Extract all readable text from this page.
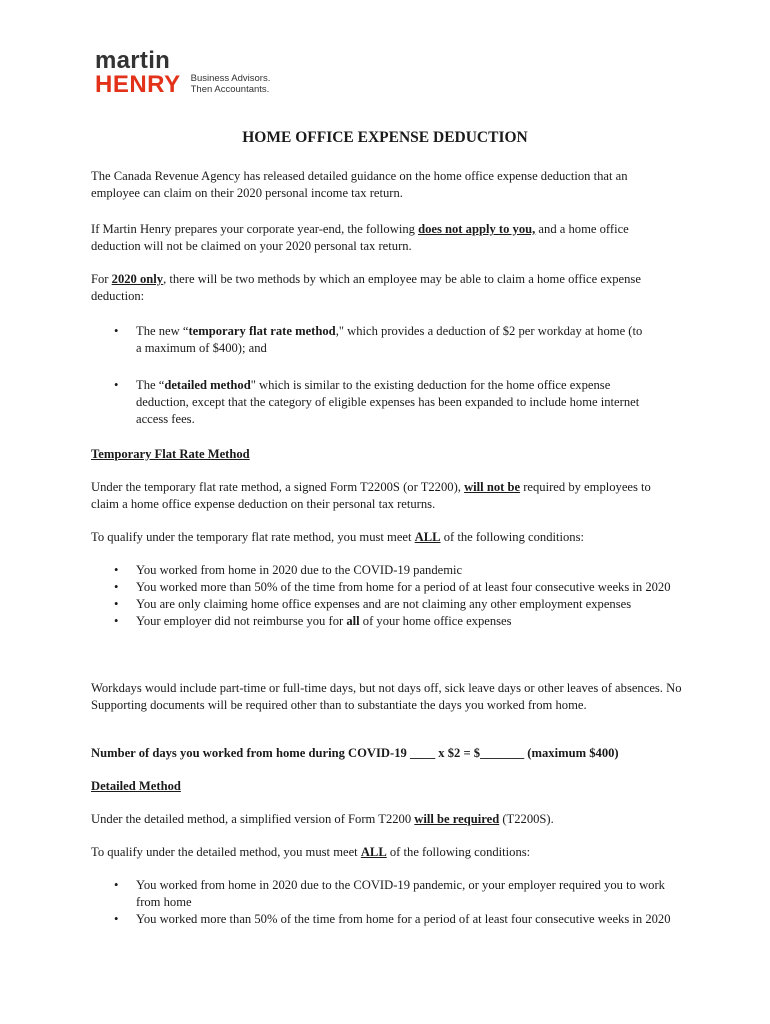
martin
HENRY Business Advisors.
Then Accountants.
HOME OFFICE EXPENSE DEDUCTION

The Canada Revenue Agency has released detailed guidance on the home office expense deduction that an employee can claim on their 2020 personal income tax return.

If Martin Henry prepares your corporate year-end, the following does not apply to you, and a home office deduction will not be claimed on your 2020 personal tax return.

For 2020 only, there will be two methods by which an employee may be able to claim a home office expense deduction:

• The new “temporary flat rate method," which provides a deduction of $2 per workday at home (to a maximum of $400); and
• The “detailed method" which is similar to the existing deduction for the home office expense deduction, except that the category of eligible expenses has been expanded to include home internet access fees.

Temporary Flat Rate Method

Under the temporary flat rate method, a signed Form T2200S (or T2200), will not be required by employees to claim a home office expense deduction on their personal tax returns.

To qualify under the temporary flat rate method, you must meet ALL of the following conditions:

• You worked from home in 2020 due to the COVID-19 pandemic
• You worked more than 50% of the time from home for a period of at least four consecutive weeks in 2020
• You are only claiming home office expenses and are not claiming any other employment expenses
• Your employer did not reimburse you for all of your home office expenses

Workdays would include part-time or full-time days, but not days off, sick leave days or other leaves of absences. No Supporting documents will be required other than to substantiate the days you worked from home.

Number of days you worked from home during COVID-19 ____ x $2 = $_______ (maximum $400)

Detailed Method

Under the detailed method, a simplified version of Form T2200 will be required (T2200S).

To qualify under the detailed method, you must meet ALL of the following conditions:

• You worked from home in 2020 due to the COVID-19 pandemic, or your employer required you to work from home
• You worked more than 50% of the time from home for a period of at least four consecutive weeks in 2020
